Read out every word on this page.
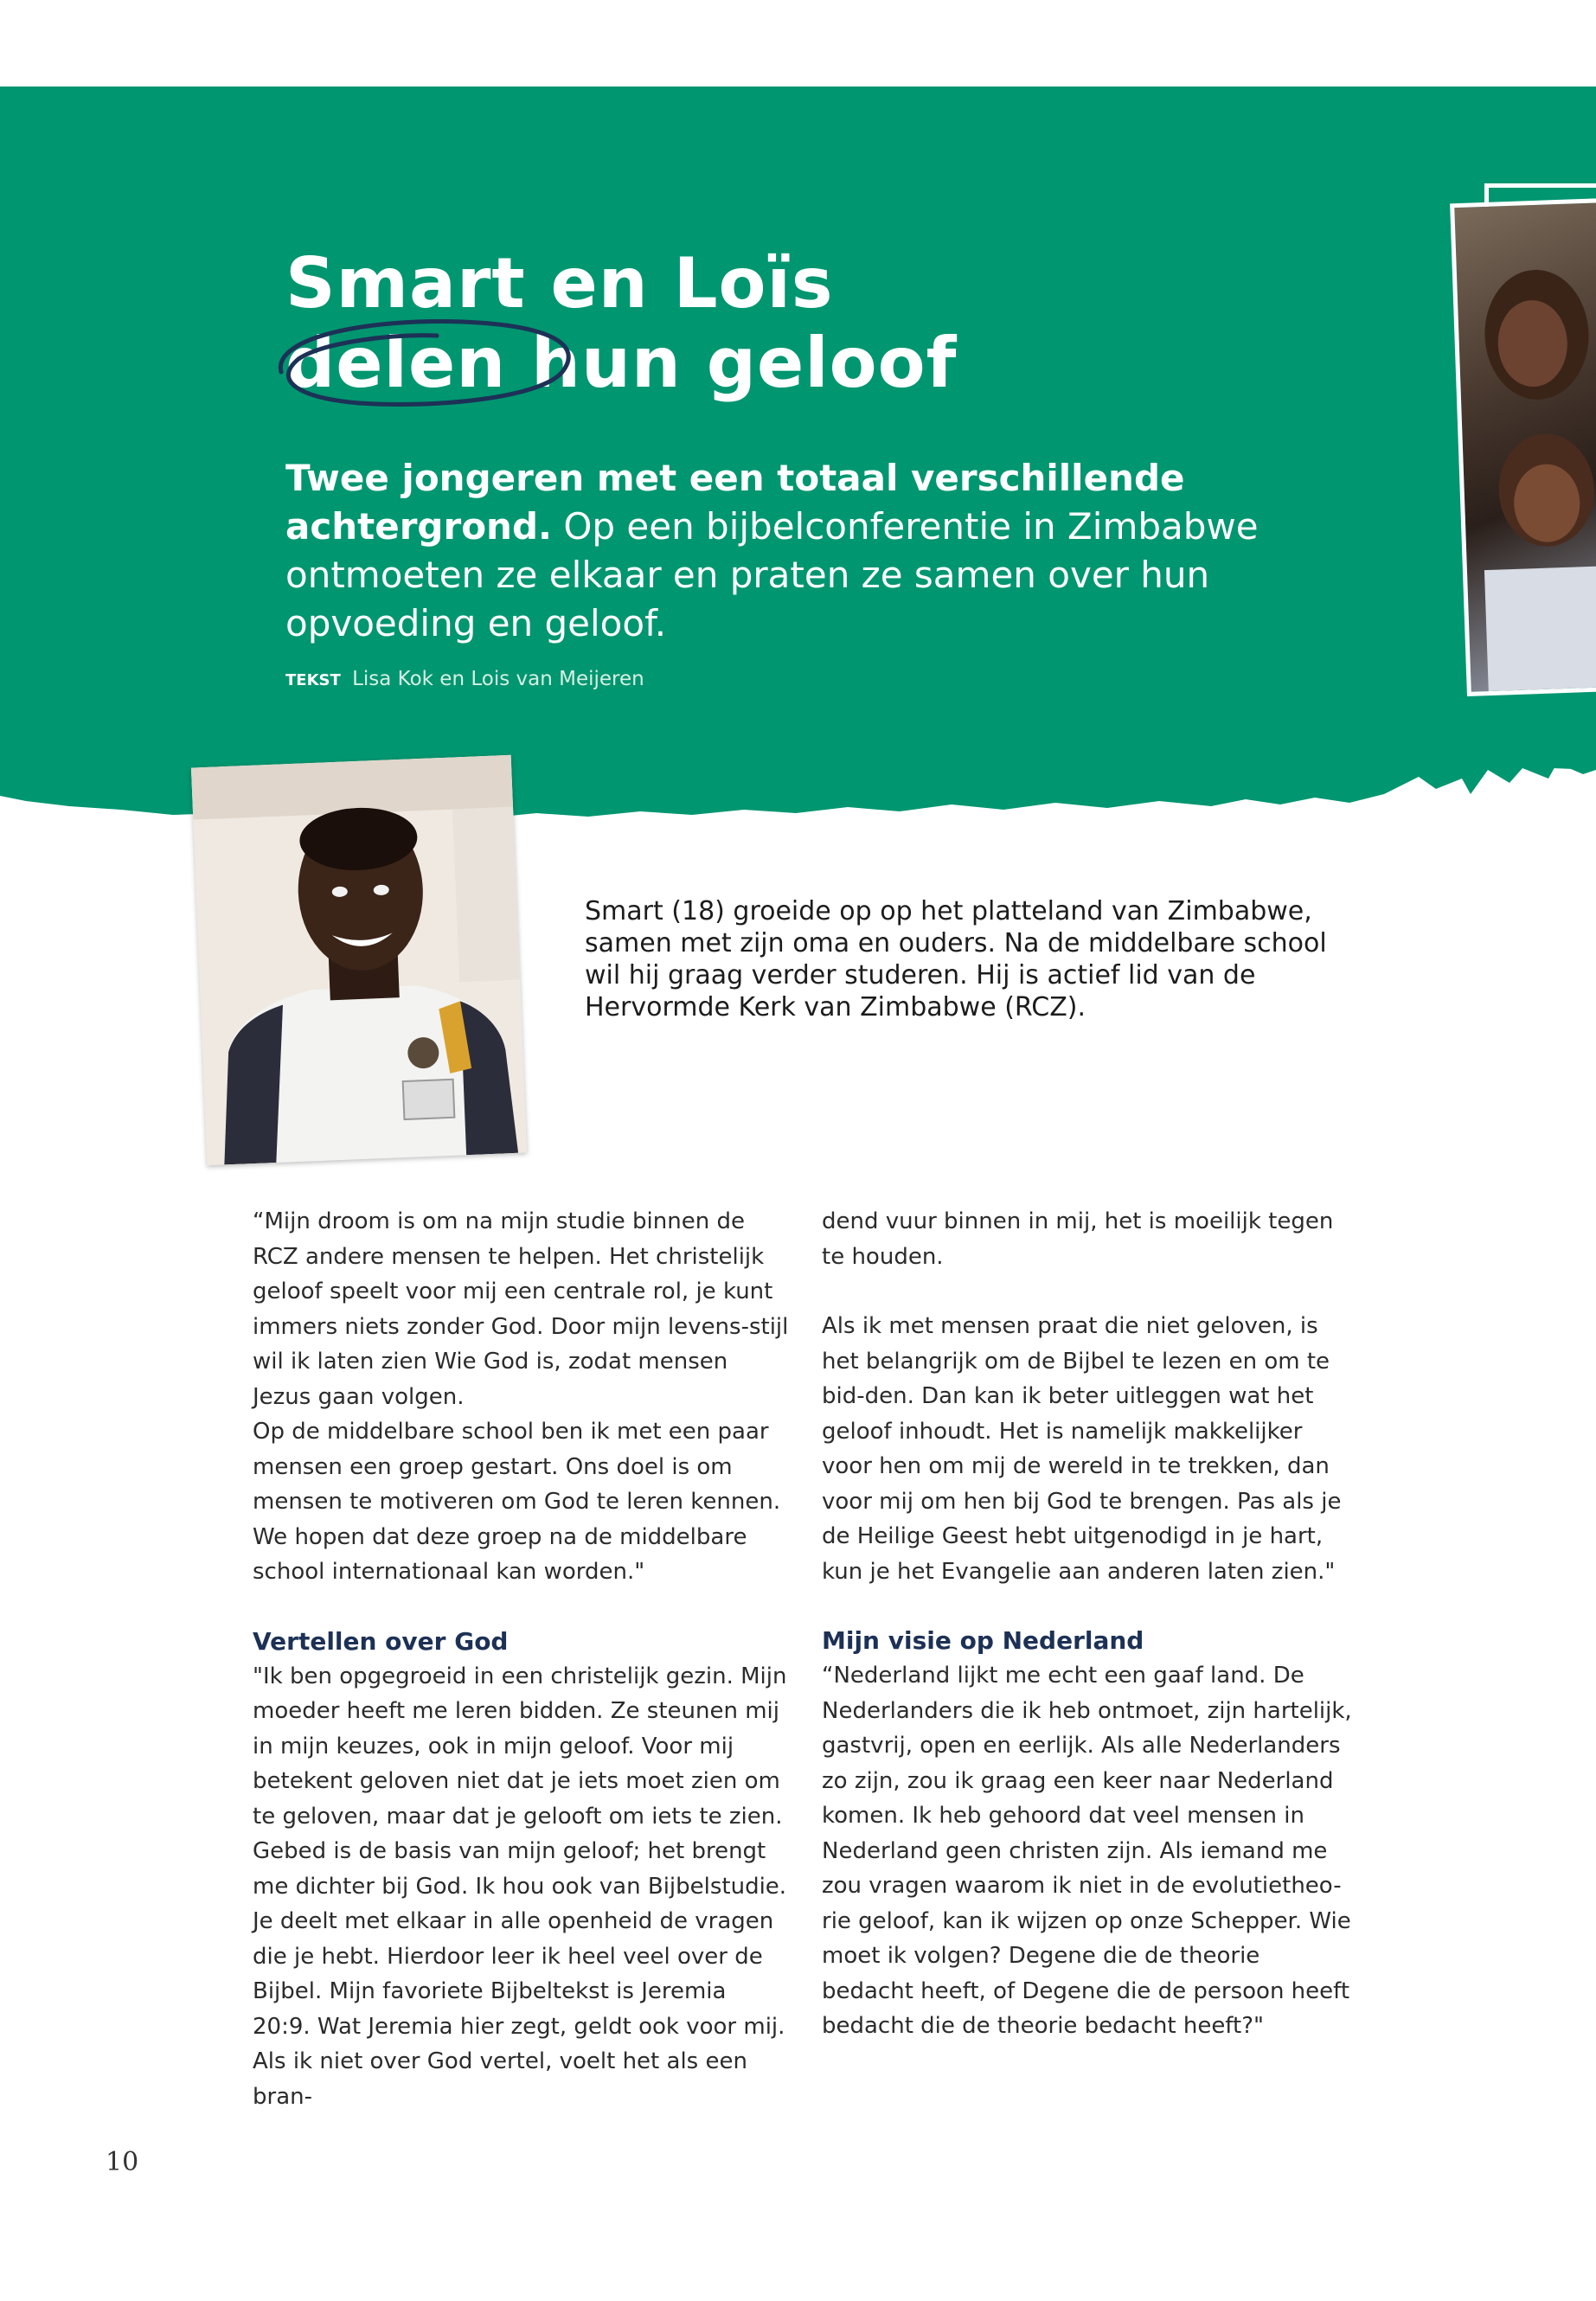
Smart en Loïs
delen hun geloof

Twee jongeren met een totaal verschillende achtergrond. Op een bijbelconferentie in Zimbabwe ontmoeten ze elkaar en praten ze samen over hun opvoeding en geloof.

TEKST Lisa Kok en Lois van Meijeren

Smart (18) groeide op op het platteland van Zimbabwe, samen met zijn oma en ouders. Na de middelbare school wil hij graag verder studeren. Hij is actief lid van de Hervormde Kerk van Zimbabwe (RCZ).

“Mijn droom is om na mijn studie binnen de RCZ andere mensen te helpen. Het christelijk geloof speelt voor mij een centrale rol, je kunt immers niets zonder God. Door mijn levens-stijl wil ik laten zien Wie God is, zodat mensen Jezus gaan volgen.

Op de middelbare school ben ik met een paar mensen een groep gestart. Ons doel is om mensen te motiveren om God te leren kennen. We hopen dat deze groep na de middelbare school internationaal kan worden."

Vertellen over God

"Ik ben opgegroeid in een christelijk gezin. Mijn moeder heeft me leren bidden. Ze steunen mij in mijn keuzes, ook in mijn geloof. Voor mij betekent geloven niet dat je iets moet zien om te geloven, maar dat je gelooft om iets te zien. Gebed is de basis van mijn geloof; het brengt me dichter bij God. Ik hou ook van Bijbelstudie. Je deelt met elkaar in alle openheid de vragen die je hebt. Hierdoor leer ik heel veel over de Bijbel. Mijn favoriete Bijbeltekst is Jeremia 20:9. Wat Jeremia hier zegt, geldt ook voor mij. Als ik niet over God vertel, voelt het als een bran-

dend vuur binnen in mij, het is moeilijk tegen te houden.

Als ik met mensen praat die niet geloven, is het belangrijk om de Bijbel te lezen en om te bid-den. Dan kan ik beter uitleggen wat het geloof inhoudt. Het is namelijk makkelijker voor hen om mij de wereld in te trekken, dan voor mij om hen bij God te brengen. Pas als je de Heilige Geest hebt uitgenodigd in je hart, kun je het Evangelie aan anderen laten zien."

Mijn visie op Nederland

“Nederland lijkt me echt een gaaf land. De Nederlanders die ik heb ontmoet, zijn hartelijk, gastvrij, open en eerlijk. Als alle Nederlanders zo zijn, zou ik graag een keer naar Nederland komen. Ik heb gehoord dat veel mensen in Nederland geen christen zijn. Als iemand me zou vragen waarom ik niet in de evolutietheo-rie geloof, kan ik wijzen op onze Schepper. Wie moet ik volgen? Degene die de theorie bedacht heeft, of Degene die de persoon heeft bedacht die de theorie bedacht heeft?"

10
